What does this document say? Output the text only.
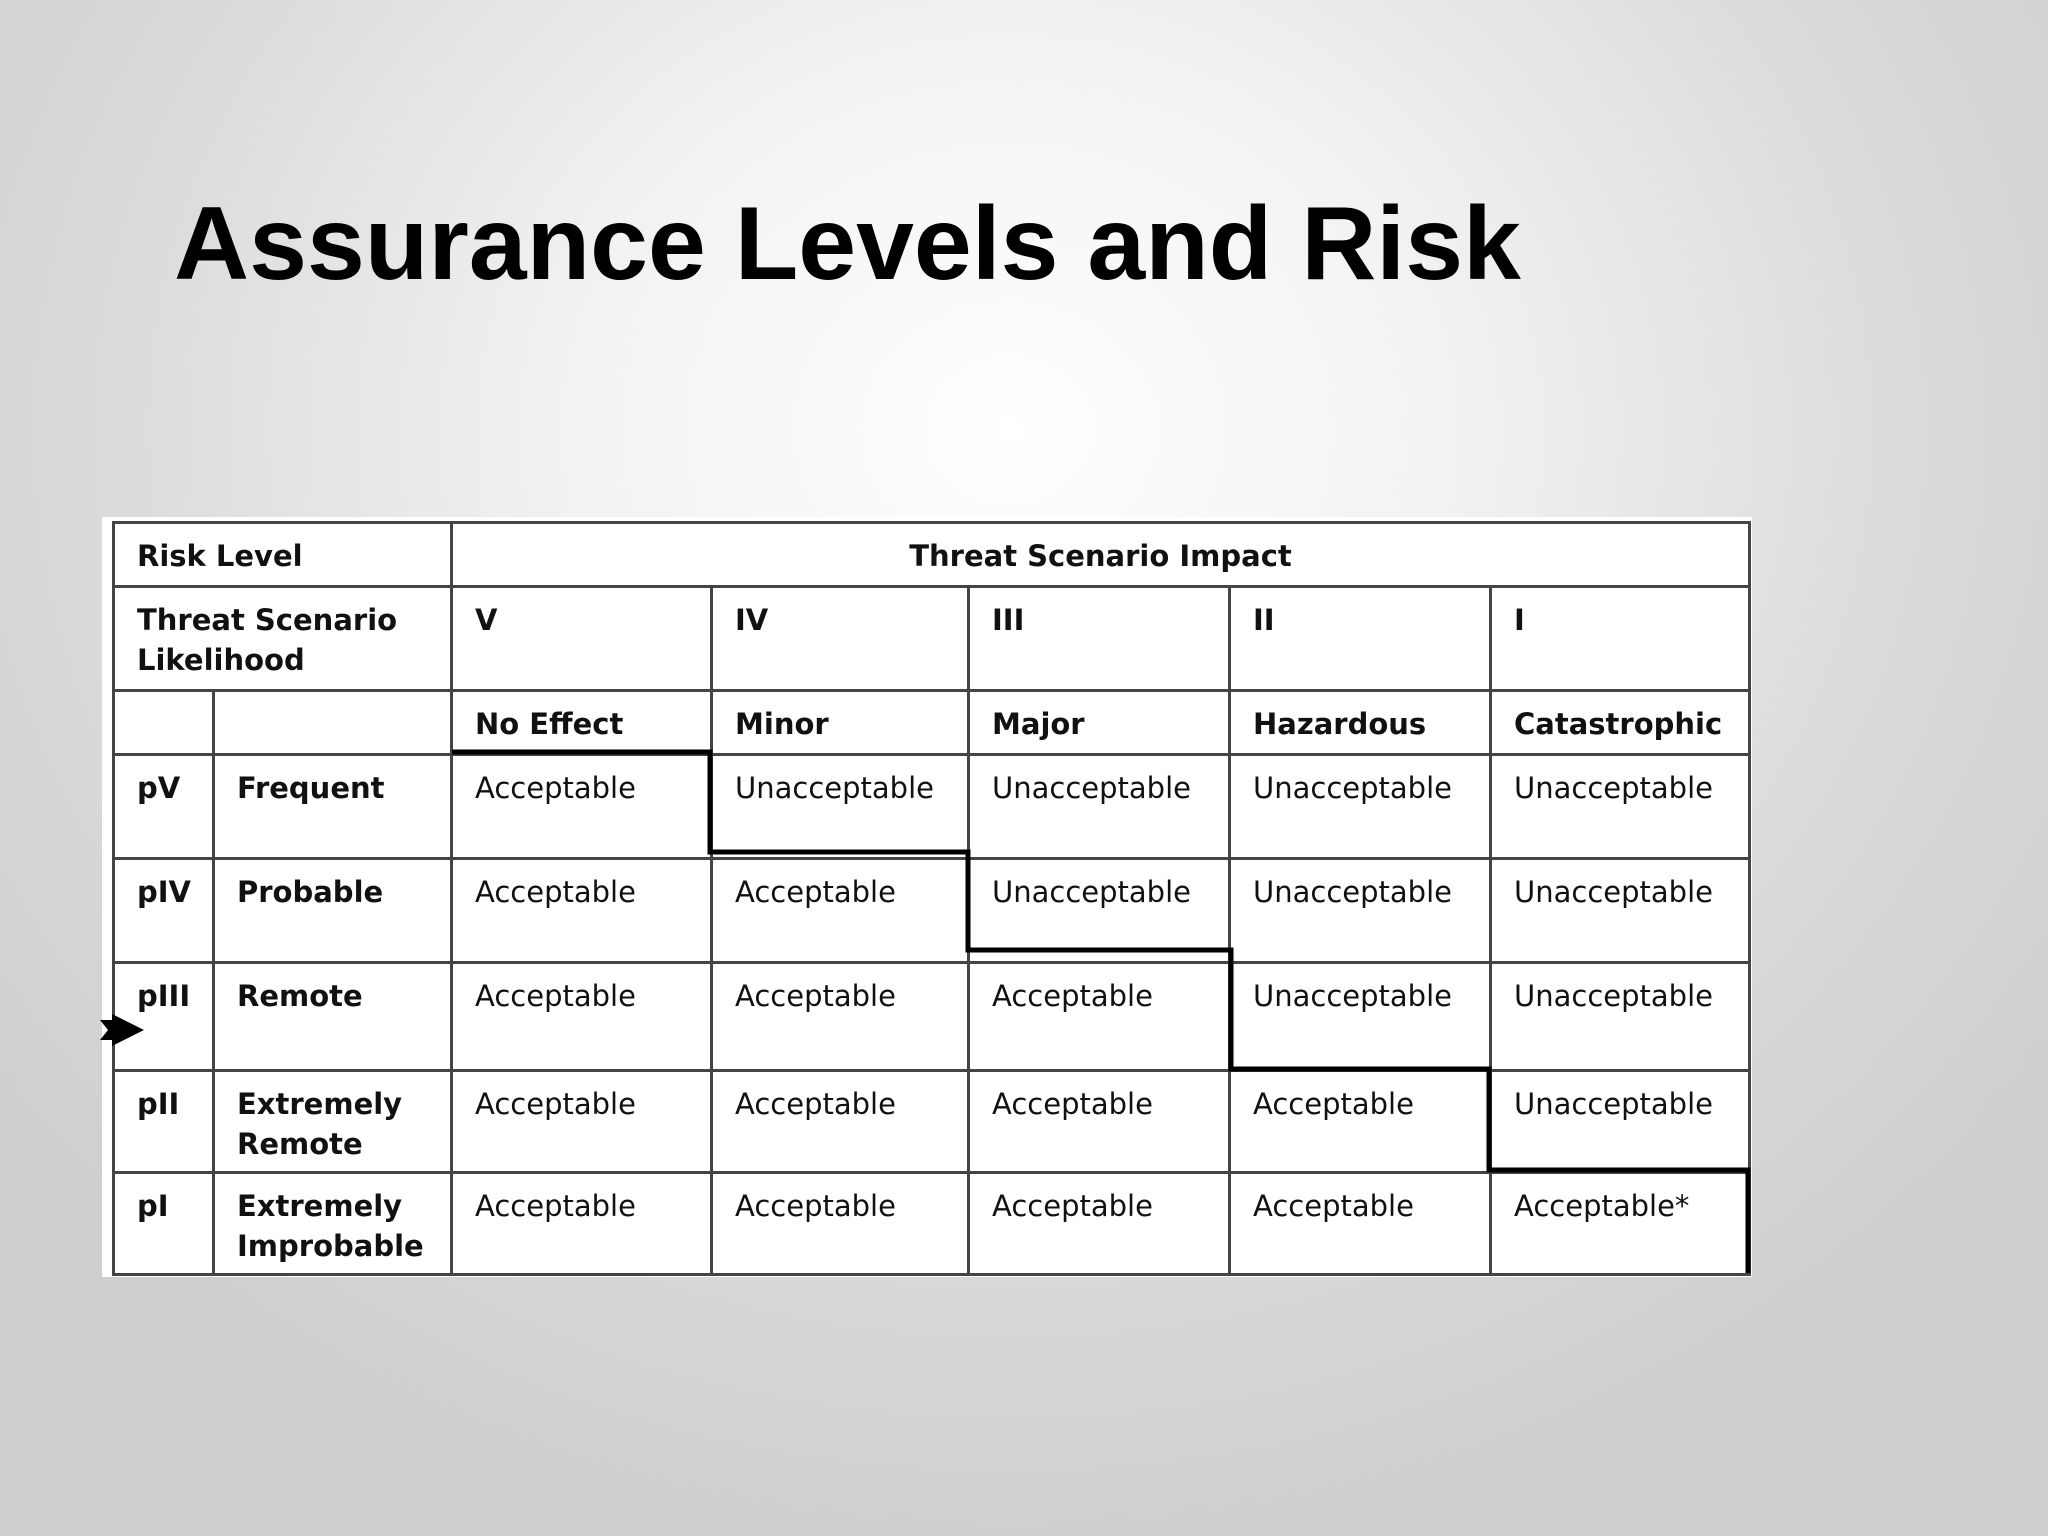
Assurance Levels and Risk
Risk Level		Threat Scenario Impact				
Threat Scenario Likelihood		V	IV	III	II	I
		No Effect	Minor	Major	Hazardous	Catastrophic
pV	Frequent	Acceptable	Unacceptable	Unacceptable	Unacceptable	Unacceptable
pIV	Probable	Acceptable	Acceptable	Unacceptable	Unacceptable	Unacceptable
pIII	Remote	Acceptable	Acceptable	Acceptable	Unacceptable	Unacceptable
pII	Extremely Remote	Acceptable	Acceptable	Acceptable	Acceptable	Unacceptable
pI	Extremely Improbable	Acceptable	Acceptable	Acceptable	Acceptable	Acceptable*
